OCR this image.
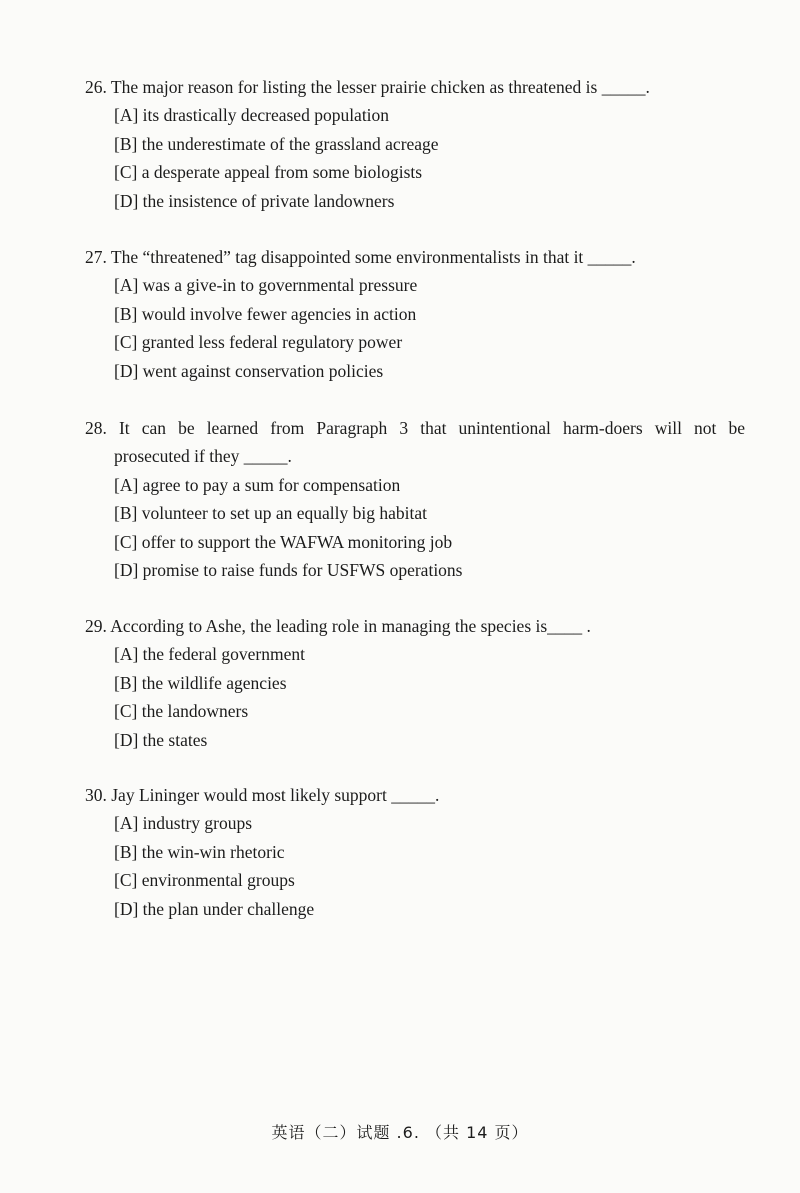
26. The major reason for listing the lesser prairie chicken as threatened is _____.

[A] its drastically decreased population
[B] the underestimate of the grassland acreage
[C] a desperate appeal from some biologists
[D] the insistence of private landowners

27. The “threatened” tag disappointed some environmentalists in that it _____.

[A] was a give-in to governmental pressure
[B] would involve fewer agencies in action
[C] granted less federal regulatory power
[D] went against conservation policies

28. It can be learned from Paragraph 3 that unintentional harm-doers will not be

prosecuted if they _____.

[A] agree to pay a sum for compensation
[B] volunteer to set up an equally big habitat
[C] offer to support the WAFWA monitoring job
[D] promise to raise funds for USFWS operations

29. According to Ashe, the leading role in managing the species is____ .

[A] the federal government
[B] the wildlife agencies
[C] the landowners
[D] the states

30. Jay Lininger would most likely support _____.

[A] industry groups
[B] the win-win rhetoric
[C] environmental groups
[D] the plan under challenge
英语（二）试题 .6. （共 14 页）
